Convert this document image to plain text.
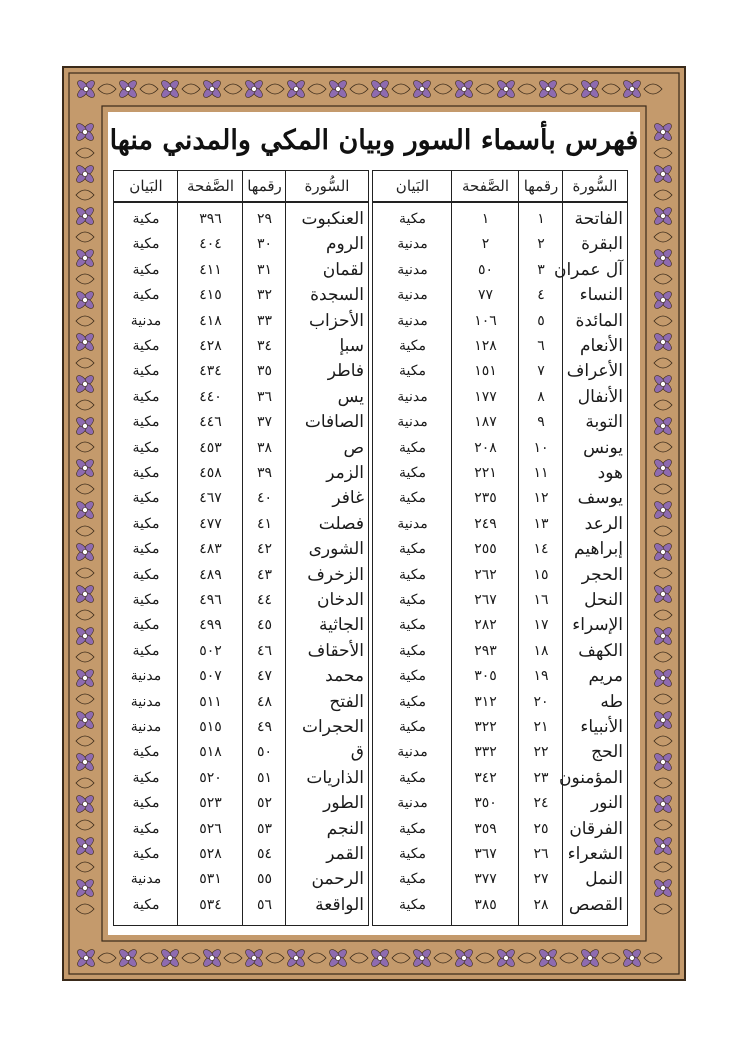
فهرس بأسماء السور وبيان المكي والمدني منها
السُّورة
رقمها
الصَّفحة
البَيان
الفاتحة
١
١
مكية
البقرة
٢
٢
مدنية
آل عمران
٣
٥٠
مدنية
النساء
٤
٧٧
مدنية
المائدة
٥
١٠٦
مدنية
الأنعام
٦
١٢٨
مكية
الأعراف
٧
١٥١
مكية
الأنفال
٨
١٧٧
مدنية
التوبة
٩
١٨٧
مدنية
يونس
١٠
٢٠٨
مكية
هود
١١
٢٢١
مكية
يوسف
١٢
٢٣٥
مكية
الرعد
١٣
٢٤٩
مدنية
إبراهيم
١٤
٢٥٥
مكية
الحجر
١٥
٢٦٢
مكية
النحل
١٦
٢٦٧
مكية
الإسراء
١٧
٢٨٢
مكية
الكهف
١٨
٢٩٣
مكية
مريم
١٩
٣٠٥
مكية
طه
٢٠
٣١٢
مكية
الأنبياء
٢١
٣٢٢
مكية
الحج
٢٢
٣٣٢
مدنية
المؤمنون
٢٣
٣٤٢
مكية
النور
٢٤
٣٥٠
مدنية
الفرقان
٢٥
٣٥٩
مكية
الشعراء
٢٦
٣٦٧
مكية
النمل
٢٧
٣٧٧
مكية
القصص
٢٨
٣٨٥
مكية
السُّورة
رقمها
الصَّفحة
البَيان
العنكبوت
٢٩
٣٩٦
مكية
الروم
٣٠
٤٠٤
مكية
لقمان
٣١
٤١١
مكية
السجدة
٣٢
٤١٥
مكية
الأحزاب
٣٣
٤١٨
مدنية
سبإ
٣٤
٤٢٨
مكية
فاطر
٣٥
٤٣٤
مكية
يس
٣٦
٤٤٠
مكية
الصافات
٣٧
٤٤٦
مكية
ص
٣٨
٤٥٣
مكية
الزمر
٣٩
٤٥٨
مكية
غافر
٤٠
٤٦٧
مكية
فصلت
٤١
٤٧٧
مكية
الشورى
٤٢
٤٨٣
مكية
الزخرف
٤٣
٤٨٩
مكية
الدخان
٤٤
٤٩٦
مكية
الجاثية
٤٥
٤٩٩
مكية
الأحقاف
٤٦
٥٠٢
مكية
محمد
٤٧
٥٠٧
مدنية
الفتح
٤٨
٥١١
مدنية
الحجرات
٤٩
٥١٥
مدنية
ق
٥٠
٥١٨
مكية
الذاريات
٥١
٥٢٠
مكية
الطور
٥٢
٥٢٣
مكية
النجم
٥٣
٥٢٦
مكية
القمر
٥٤
٥٢٨
مكية
الرحمن
٥٥
٥٣١
مدنية
الواقعة
٥٦
٥٣٤
مكية
